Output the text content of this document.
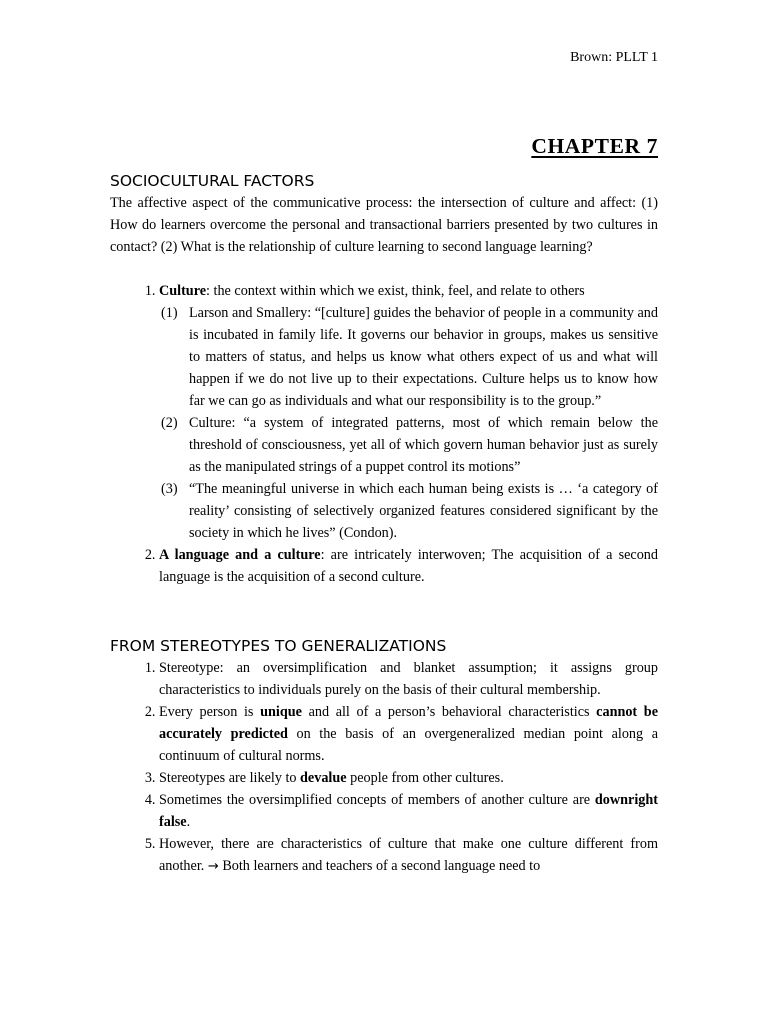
Brown: PLLT 1
CHAPTER 7
SOCIOCULTURAL FACTORS

The affective aspect of the communicative process: the intersection of culture and affect: (1) How do learners overcome the personal and transactional barriers presented by two cultures in contact? (2) What is the relationship of culture learning to second language learning?

1. Culture: the context within which we exist, think, feel, and relate to others
(1) Larson and Smallery: “[culture] guides the behavior of people in a community and is incubated in family life. It governs our behavior in groups, makes us sensitive to matters of status, and helps us know what others expect of us and what will happen if we do not live up to their expectations. Culture helps us to know how far we can go as individuals and what our responsibility is to the group.”
(2) Culture: “a system of integrated patterns, most of which remain below the threshold of consciousness, yet all of which govern human behavior just as surely as the manipulated strings of a puppet control its motions”
(3) “The meaningful universe in which each human being exists is … ‘a category of reality’ consisting of selectively organized features considered significant by the society in which he lives” (Condon).
2. A language and a culture: are intricately interwoven; The acquisition of a second language is the acquisition of a second culture.
FROM STEREOTYPES TO GENERALIZATIONS
1. Stereotype: an oversimplification and blanket assumption; it assigns group characteristics to individuals purely on the basis of their cultural membership.
2. Every person is unique and all of a person’s behavioral characteristics cannot be accurately predicted on the basis of an overgeneralized median point along a continuum of cultural norms.
3. Stereotypes are likely to devalue people from other cultures.
4. Sometimes the oversimplified concepts of members of another culture are downright false.
5. However, there are characteristics of culture that make one culture different from another. → Both learners and teachers of a second language need to
